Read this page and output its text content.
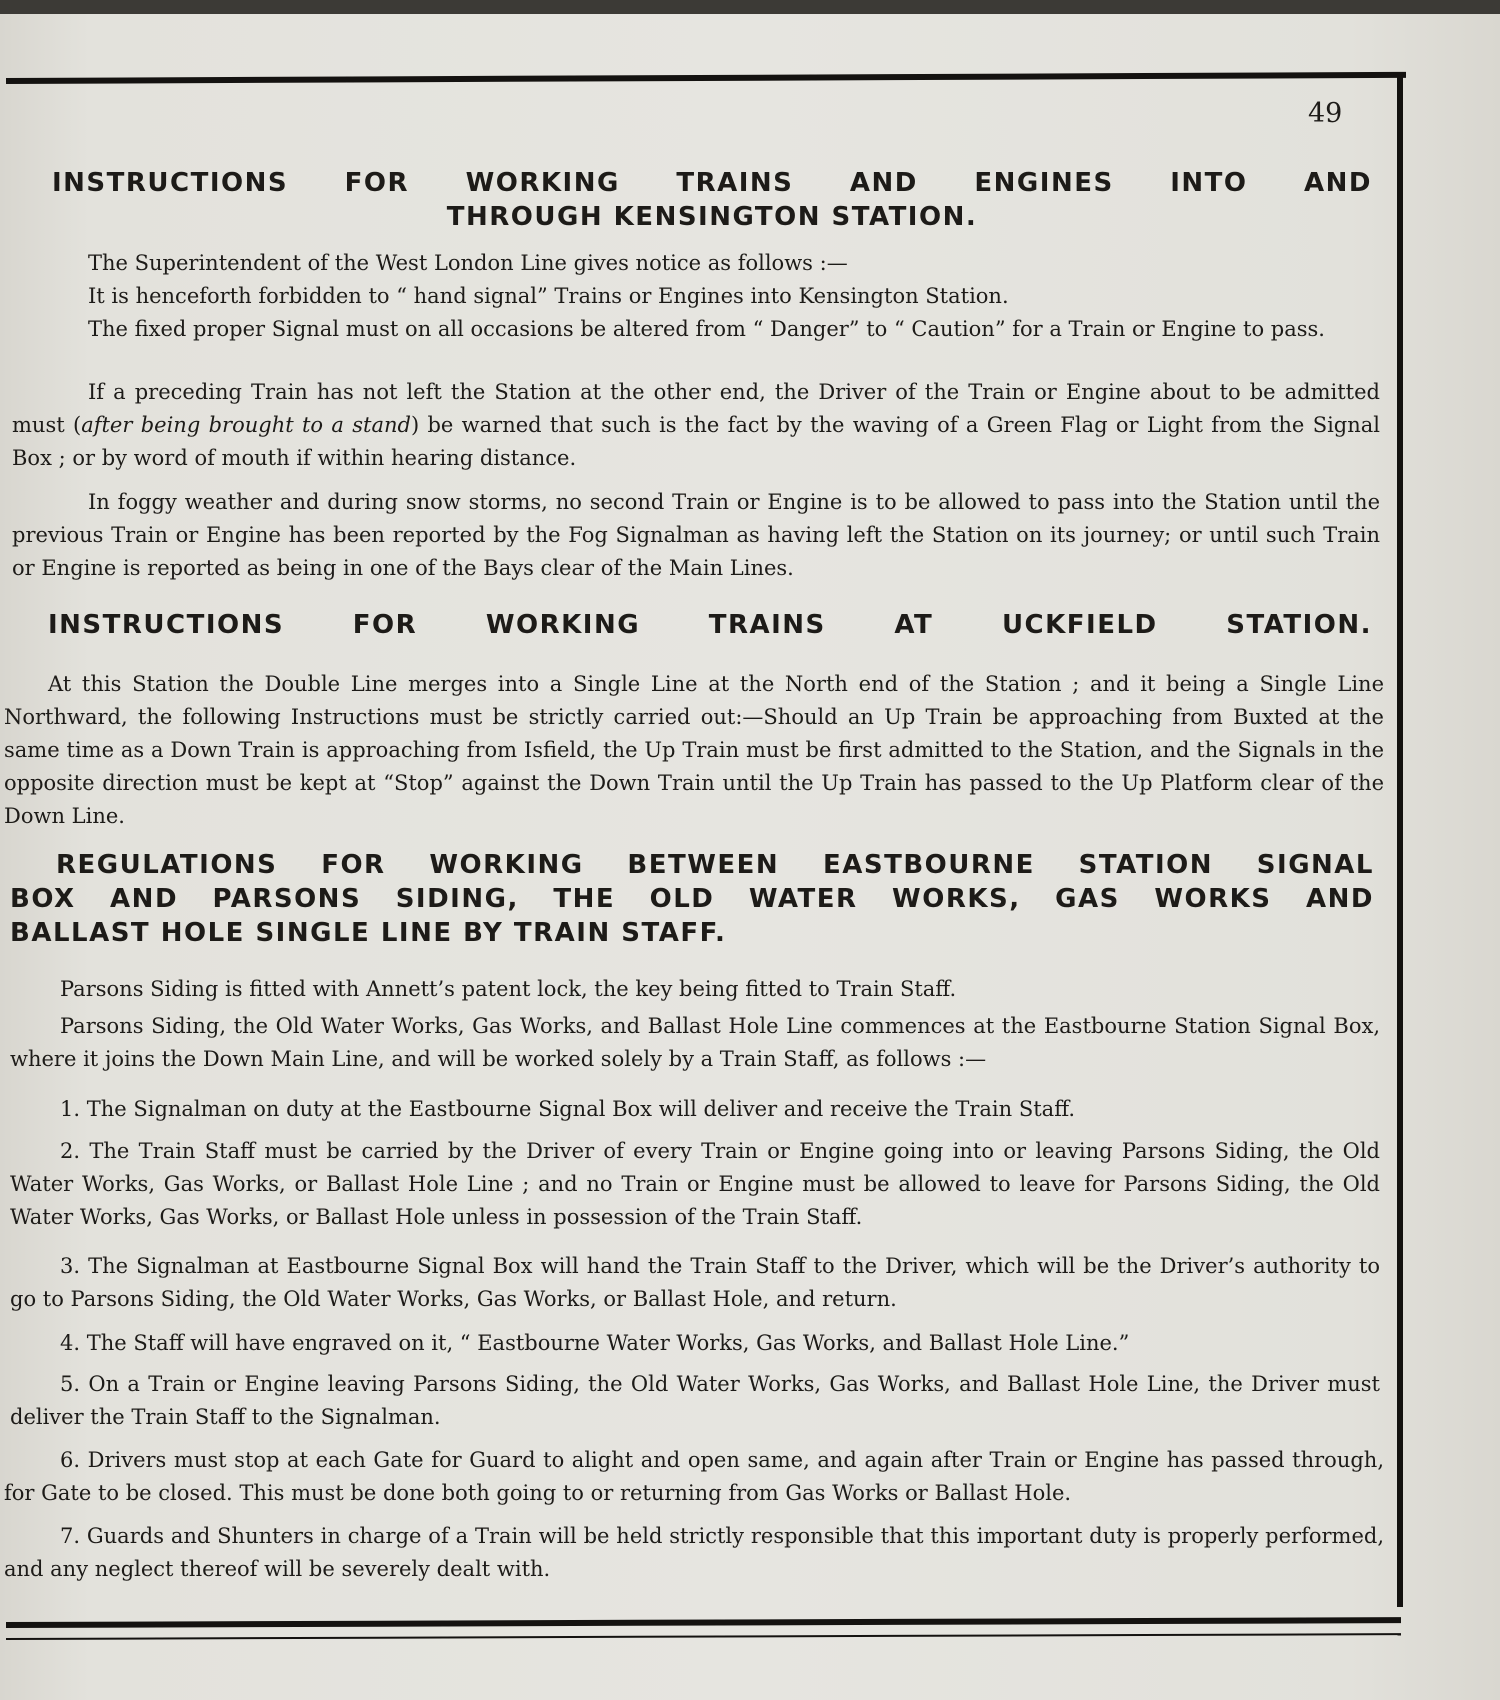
49
INSTRUCTIONS FOR WORKING TRAINS AND ENGINES INTO AND
THROUGH KENSINGTON STATION.

The Superintendent of the West London Line gives notice as follows :—

It is henceforth forbidden to “ hand signal” Trains or Engines into Kensington Station.

The fixed proper Signal must on all occasions be altered from “ Danger” to “ Caution” for a Train or Engine to pass.

If a preceding Train has not left the Station at the other end, the Driver of the Train or Engine about to be admitted must (after being brought to a stand) be warned that such is the fact by the waving of a Green Flag or Light from the Signal Box ; or by word of mouth if within hearing distance.

In foggy weather and during snow storms, no second Train or Engine is to be allowed to pass into the Station until the previous Train or Engine has been reported by the Fog Signalman as having left the Station on its journey; or until such Train or Engine is reported as being in one of the Bays clear of the Main Lines.

INSTRUCTIONS FOR WORKING TRAINS AT UCKFIELD STATION.

At this Station the Double Line merges into a Single Line at the North end of the Station ; and it being a Single Line Northward, the following Instructions must be strictly carried out:—Should an Up Train be approaching from Buxted at the same time as a Down Train is approaching from Isfield, the Up Train must be first admitted to the Station, and the Signals in the opposite direction must be kept at “Stop” against the Down Train until the Up Train has passed to the Up Platform clear of the Down Line.

REGULATIONS FOR WORKING BETWEEN EASTBOURNE STATION SIGNAL
BOX AND PARSONS SIDING, THE OLD WATER WORKS, GAS WORKS AND
BALLAST HOLE SINGLE LINE BY TRAIN STAFF.

Parsons Siding is fitted with Annett’s patent lock, the key being fitted to Train Staff.

Parsons Siding, the Old Water Works, Gas Works, and Ballast Hole Line commences at the Eastbourne Station Signal Box, where it joins the Down Main Line, and will be worked solely by a Train Staff, as follows :—

1. The Signalman on duty at the Eastbourne Signal Box will deliver and receive the Train Staff.

2. The Train Staff must be carried by the Driver of every Train or Engine going into or leaving Parsons Siding, the Old Water Works, Gas Works, or Ballast Hole Line ; and no Train or Engine must be allowed to leave for Parsons Siding, the Old Water Works, Gas Works, or Ballast Hole unless in possession of the Train Staff.

3. The Signalman at Eastbourne Signal Box will hand the Train Staff to the Driver, which will be the Driver’s authority to go to Parsons Siding, the Old Water Works, Gas Works, or Ballast Hole, and return.

4. The Staff will have engraved on it, “ Eastbourne Water Works, Gas Works, and Ballast Hole Line.”

5. On a Train or Engine leaving Parsons Siding, the Old Water Works, Gas Works, and Ballast Hole Line, the Driver must deliver the Train Staff to the Signalman.

6. Drivers must stop at each Gate for Guard to alight and open same, and again after Train or Engine has passed through, for Gate to be closed. This must be done both going to or returning from Gas Works or Ballast Hole.

7. Guards and Shunters in charge of a Train will be held strictly responsible that this important duty is properly performed, and any neglect thereof will be severely dealt with.
